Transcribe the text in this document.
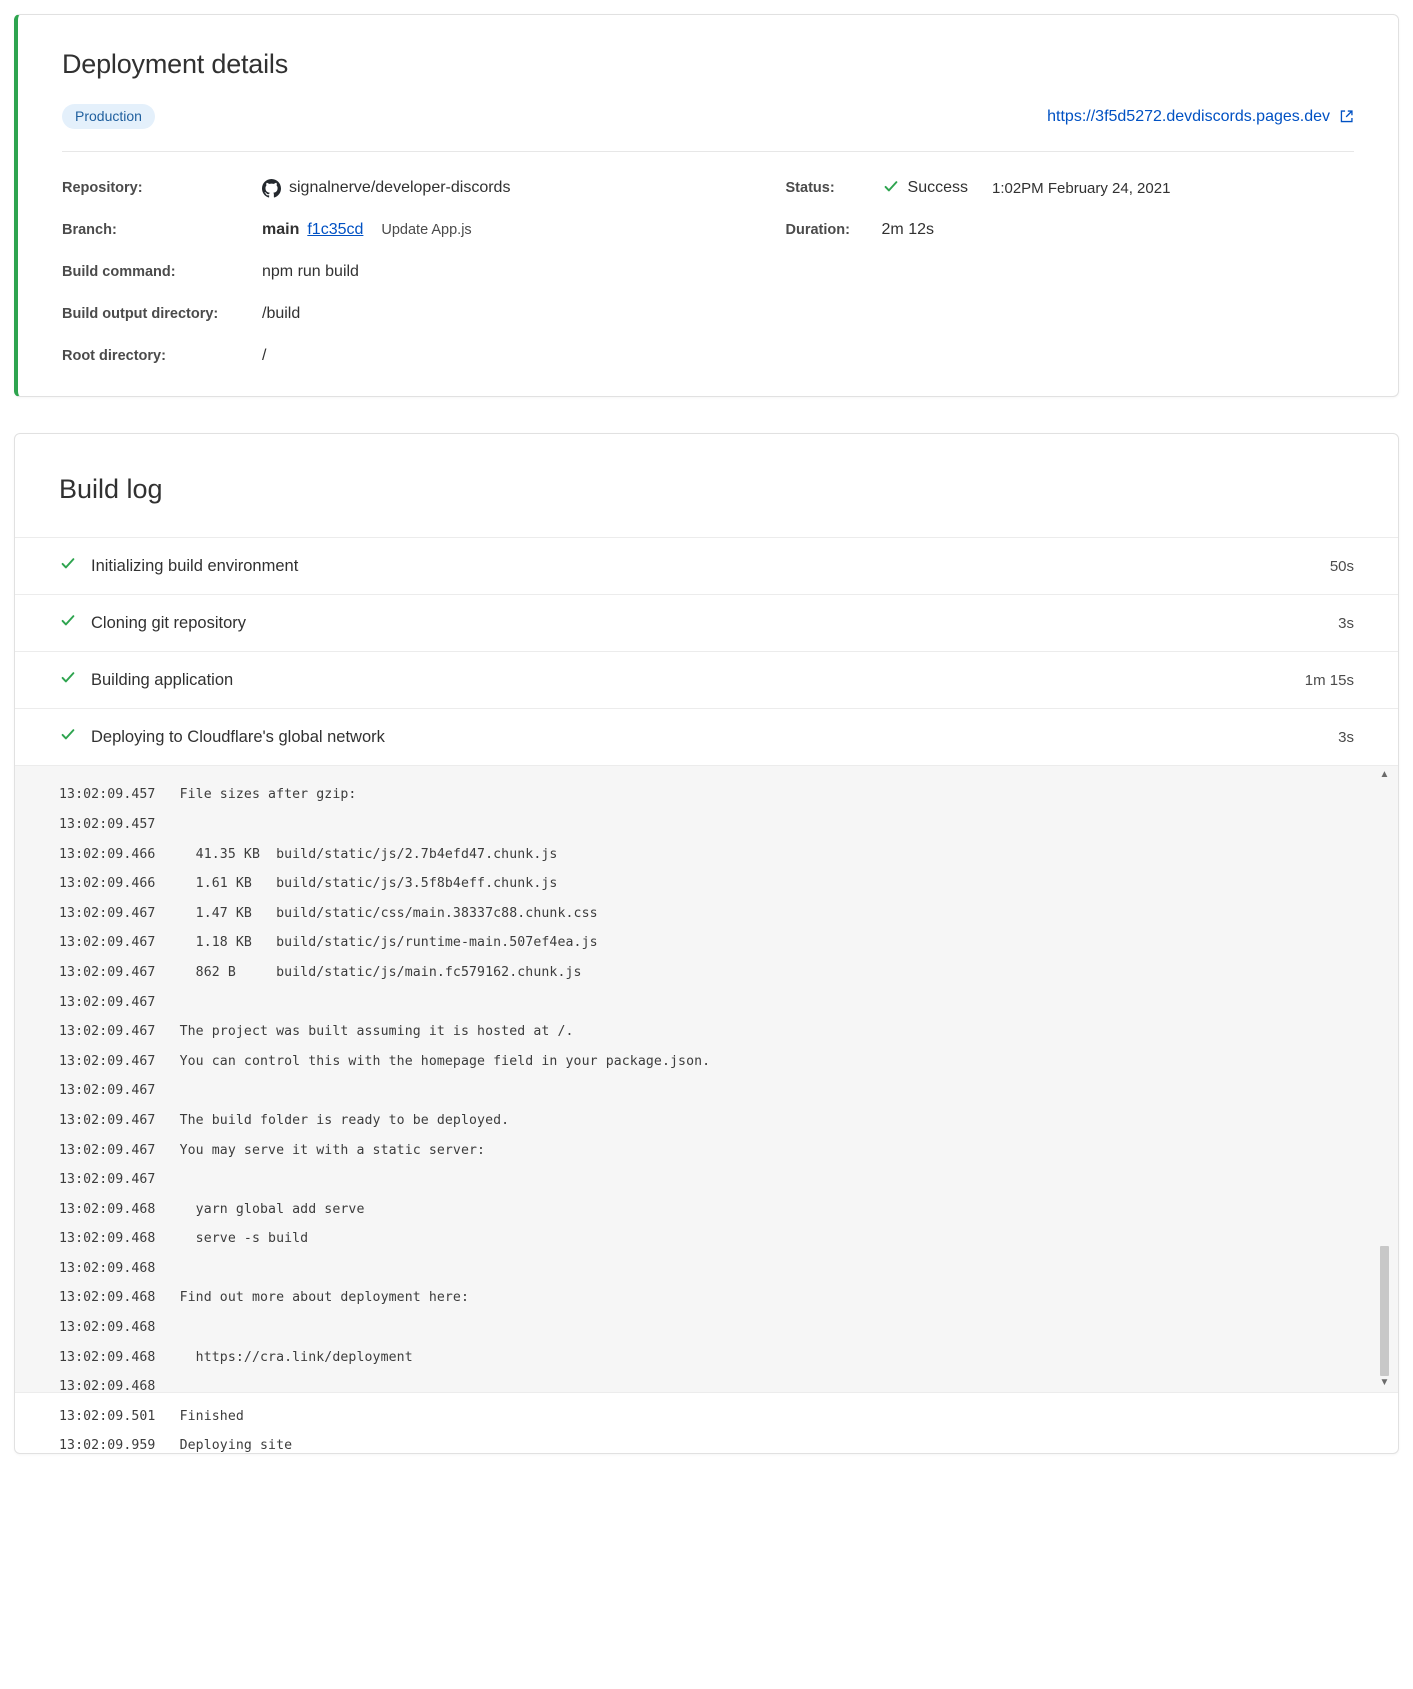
Deployment details
Production	https://3f5d5272.devdiscords.pages.dev
Repository:	signalnerve/developer-discords
Branch:	main f1c35cd Update App.js
Build command:	npm run build
Build output directory:	/build
Root directory:	/
Status:	Success 1:02PM February 24, 2021
Duration:	2m 12s
Build log
Initializing build environment	50s
Cloning git repository	3s
Building application	1m 15s
Deploying to Cloudflare's global network	3s
13:02:09.457   File sizes after gzip:
13:02:09.457
13:02:09.466     41.35 KB  build/static/js/2.7b4efd47.chunk.js
13:02:09.466     1.61 KB   build/static/js/3.5f8b4eff.chunk.js
13:02:09.467     1.47 KB   build/static/css/main.38337c88.chunk.css
13:02:09.467     1.18 KB   build/static/js/runtime-main.507ef4ea.js
13:02:09.467     862 B     build/static/js/main.fc579162.chunk.js
13:02:09.467
13:02:09.467   The project was built assuming it is hosted at /.
13:02:09.467   You can control this with the homepage field in your package.json.
13:02:09.467
13:02:09.467   The build folder is ready to be deployed.
13:02:09.467   You may serve it with a static server:
13:02:09.467
13:02:09.468     yarn global add serve
13:02:09.468     serve -s build
13:02:09.468
13:02:09.468   Find out more about deployment here:
13:02:09.468
13:02:09.468     https://cra.link/deployment
13:02:09.468
13:02:09.501   Finished
13:02:09.959   Deploying site
▲
▼
